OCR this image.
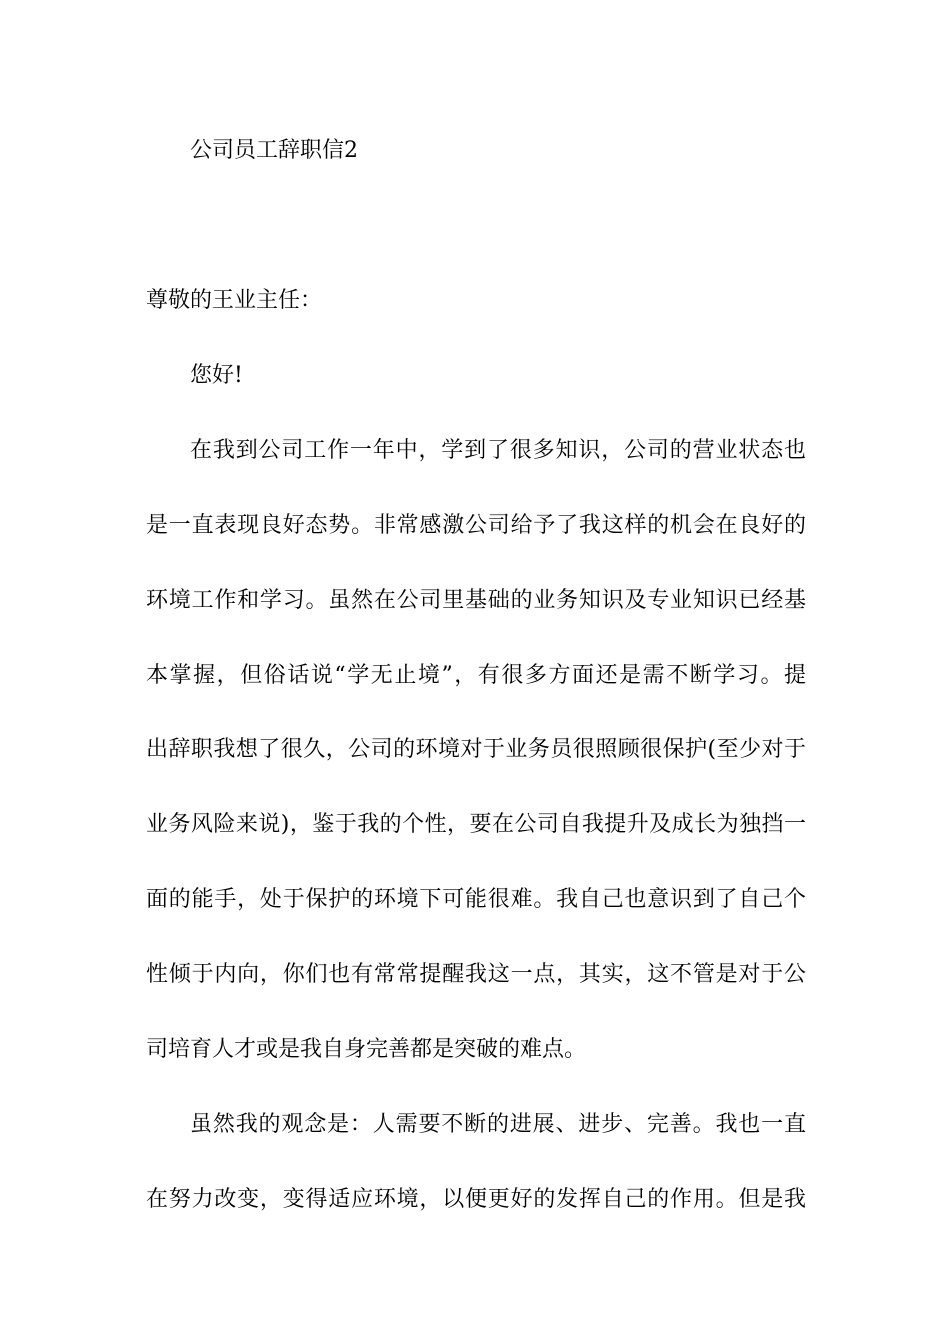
公司员工辞职信2

尊敬的王业主任：

您好!

在我到公司工作一年中，学到了很多知识，公司的营业状态也

是一直表现良好态势。非常感激公司给予了我这样的机会在良好的

环境工作和学习。虽然在公司里基础的业务知识及专业知识已经基

本掌握，但俗话说“学无止境”，有很多方面还是需不断学习。提

出辞职我想了很久，公司的环境对于业务员很照顾很保护(至少对于

业务风险来说)，鉴于我的个性，要在公司自我提升及成长为独挡一

面的能手，处于保护的环境下可能很难。我自己也意识到了自己个

性倾于内向，你们也有常常提醒我这一点，其实，这不管是对于公

司培育人才或是我自身完善都是突破的难点。

虽然我的观念是：人需要不断的进展、进步、完善。我也一直

在努力改变，变得适应环境，以便更好的发挥自己的作用。但是我
